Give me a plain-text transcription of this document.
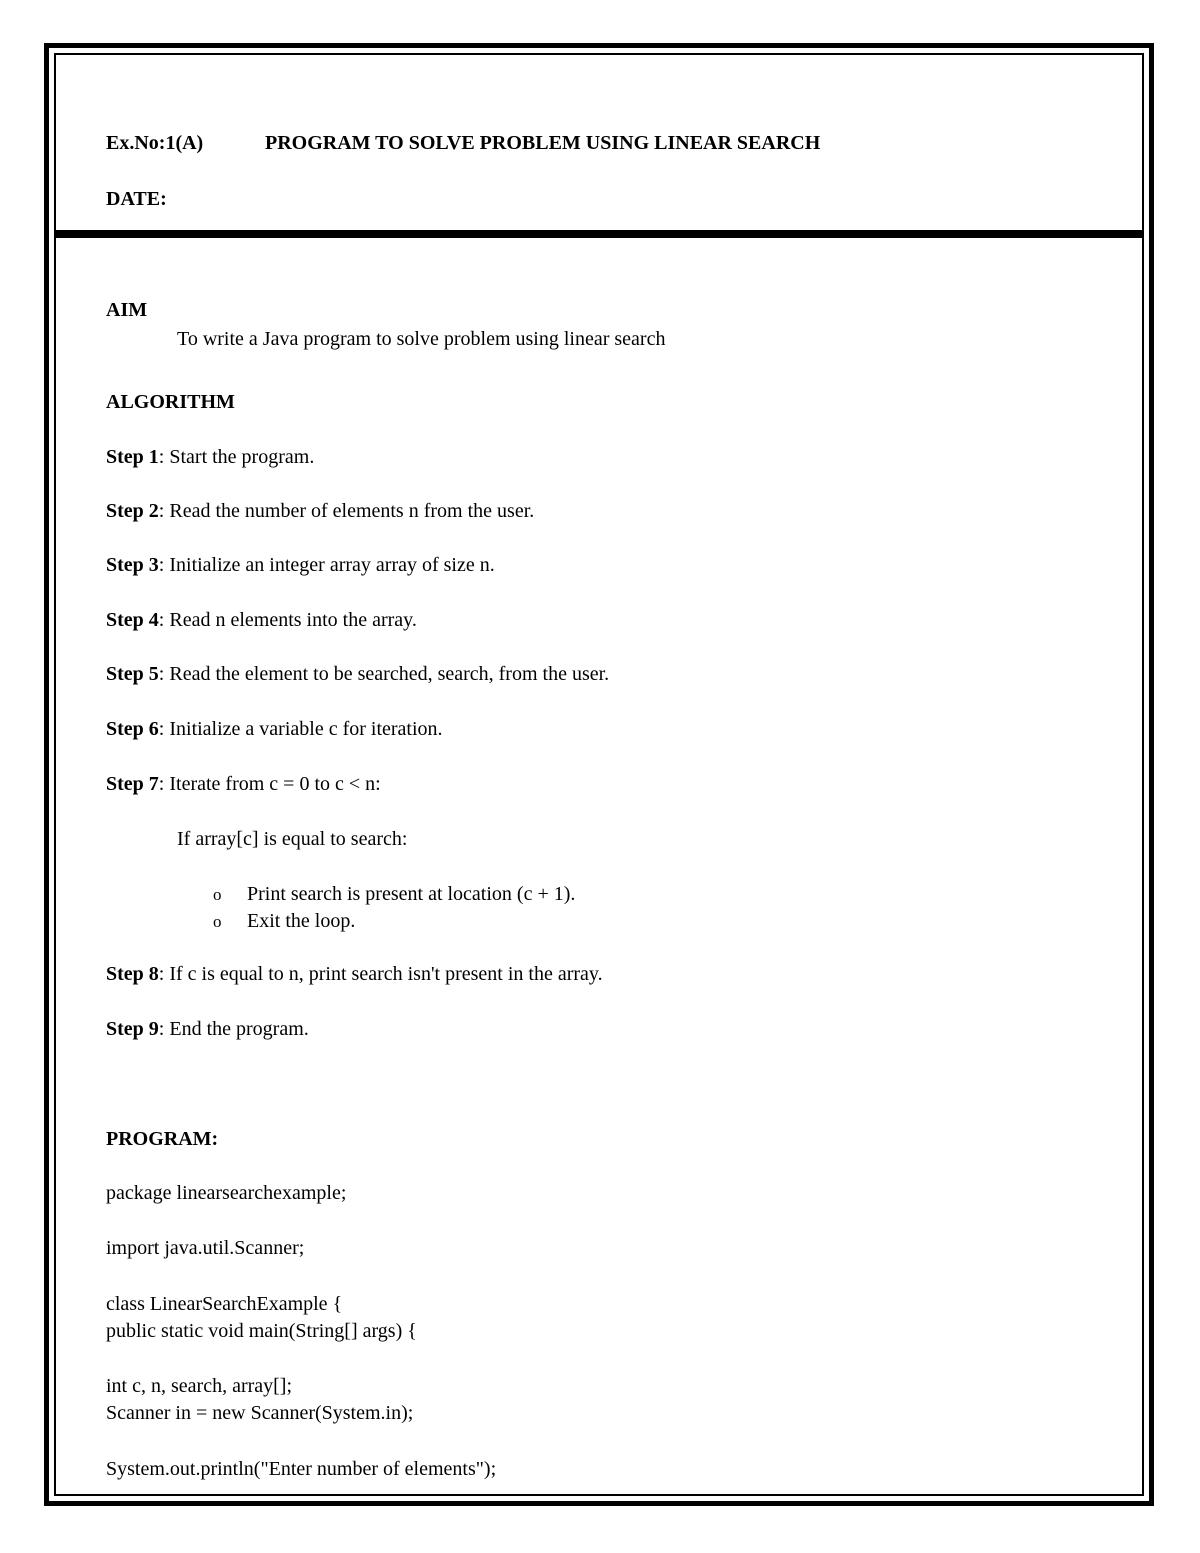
Ex.No:1(A)	PROGRAM TO SOLVE PROBLEM USING LINEAR SEARCH
DATE:
AIM
To write a Java program to solve problem using linear search
ALGORITHM
Step 1: Start the program.
Step 2: Read the number of elements n from the user.
Step 3: Initialize an integer array array of size n.
Step 4: Read n elements into the array.
Step 5: Read the element to be searched, search, from the user.
Step 6: Initialize a variable c for iteration.
Step 7: Iterate from c = 0 to c < n:
If array[c] is equal to search:
o Print search is present at location (c + 1).
o Exit the loop.
Step 8: If c is equal to n, print search isn't present in the array.
Step 9: End the program.
PROGRAM:
package linearsearchexample;
import java.util.Scanner;
class LinearSearchExample {
public static void main(String[] args) {
int c, n, search, array[];
Scanner in = new Scanner(System.in);
System.out.println("Enter number of elements");
